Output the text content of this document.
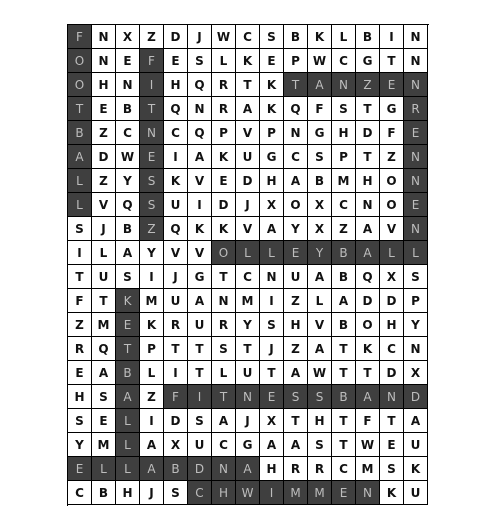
F	N	X	Z	D	J	W	C	S	B	K	L	B	I	N
O	N	E	F	E	S	L	K	E	P	W	C	G	T	N
O	H	N	I	H	Q	R	T	K	T	A	N	Z	E	N
T	E	B	T	Q	N	R	A	K	Q	F	S	T	G	R
B	Z	C	N	C	Q	P	V	P	N	G	H	D	F	E
A	D	W	E	I	A	K	U	G	C	S	P	T	Z	N
L	Z	Y	S	K	V	E	D	H	A	B	M	H	O	N
L	V	Q	S	U	I	D	J	X	O	X	C	N	O	E
S	J	B	Z	Q	K	K	V	A	Y	X	Z	A	V	N
I	L	A	Y	V	V	O	L	L	E	Y	B	A	L	L
T	U	S	I	J	G	T	C	N	U	A	B	Q	X	S
F	T	K	M	U	A	N	M	I	Z	L	A	D	D	P
Z	M	E	K	R	U	R	Y	S	H	V	B	O	H	Y
R	Q	T	P	T	T	S	T	J	Z	A	T	K	C	N
E	A	B	L	I	T	L	U	T	A	W	T	T	D	X
H	S	A	Z	F	I	T	N	E	S	S	B	A	N	D
S	E	L	I	D	S	A	J	X	T	H	T	F	T	A
Y	M	L	A	X	U	C	G	A	A	S	T	W	E	U
E	L	L	A	B	D	N	A	H	R	R	C	M	S	K
C	B	H	J	S	C	H	W	I	M	M	E	N	K	U
